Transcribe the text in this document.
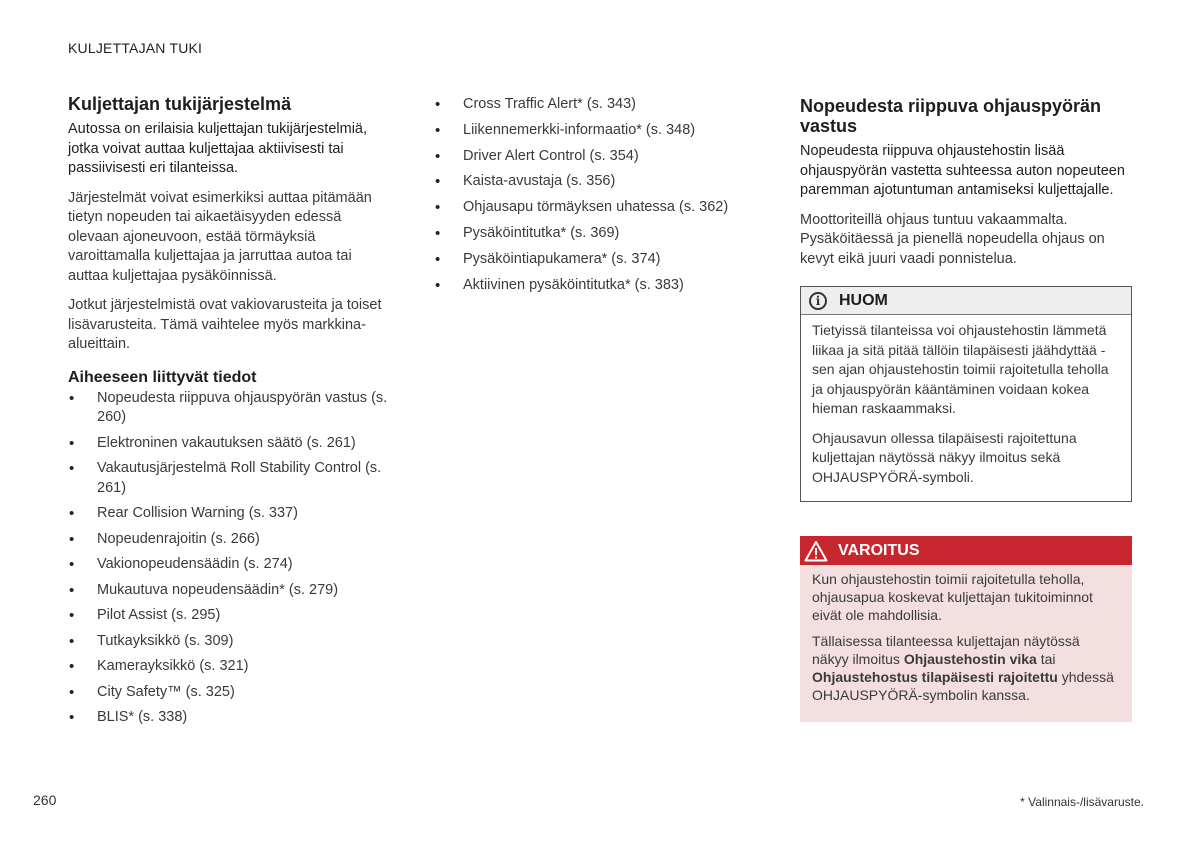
KULJETTAJAN TUKI
Kuljettajan tukijärjestelmä

Autossa on erilaisia kuljettajan tukijärjestelmiä, jotka voivat auttaa kuljettajaa aktiivisesti tai passiivisesti eri tilanteissa.

Järjestelmät voivat esimerkiksi auttaa pitämään tietyn nopeuden tai aikaetäisyyden edessä olevaan ajoneuvoon, estää törmäyksiä varoittamalla kuljettajaa ja jarruttaa autoa tai auttaa kuljettajaa pysäköinnissä.

Jotkut järjestelmistä ovat vakiovarusteita ja toiset lisävarusteita. Tämä vaihtelee myös markkina-alueittain.

Aiheeseen liittyvät tiedot
• Nopeudesta riippuva ohjauspyörän vastus (s. 260)
• Elektroninen vakautuksen säätö (s. 261)
• Vakautusjärjestelmä Roll Stability Control (s. 261)
• Rear Collision Warning (s. 337)
• Nopeudenrajoitin (s. 266)
• Vakionopeudensäädin (s. 274)
• Mukautuva nopeudensäädin* (s. 279)
• Pilot Assist (s. 295)
• Tutkayksikkö (s. 309)
• Kamerayksikkö (s. 321)
• City Safety™ (s. 325)
• BLIS* (s. 338)
• Cross Traffic Alert* (s. 343)
• Liikennemerkki-informaatio* (s. 348)
• Driver Alert Control (s. 354)
• Kaista-avustaja (s. 356)
• Ohjausapu törmäyksen uhatessa (s. 362)
• Pysäköintitutka* (s. 369)
• Pysäköintiapukamera* (s. 374)
• Aktiivinen pysäköintitutka* (s. 383)
Nopeudesta riippuva ohjauspyörän vastus

Nopeudesta riippuva ohjaustehostin lisää ohjauspyörän vastetta suhteessa auton nopeuteen paremman ajotuntuman antamiseksi kuljettajalle.

Moottoriteillä ohjaus tuntuu vakaammalta. Pysäköitäessä ja pienellä nopeudella ohjaus on kevyt eikä juuri vaadi ponnistelua.

i	HUOM

Tietyissä tilanteissa voi ohjaustehostin lämmetä liikaa ja sitä pitää tällöin tilapäisesti jäähdyttää - sen ajan ohjaustehostin toimii rajoitetulla teholla ja ohjauspyörän kääntäminen voidaan kokea hieman raskaammaksi.

Ohjausavun ollessa tilapäisesti rajoitettuna kuljettajan näytössä näkyy ilmoitus sekä OHJAUSPYÖRÄ-symboli.

VAROITUS

Kun ohjaustehostin toimii rajoitetulla teholla, ohjausapua koskevat kuljettajan tukitoiminnot eivät ole mahdollisia.

Tällaisessa tilanteessa kuljettajan näytössä näkyy ilmoitus Ohjaustehostin vika tai Ohjaustehostus tilapäisesti rajoitettu yhdessä OHJAUSPYÖRÄ-symbolin kanssa.

260	* Valinnais-/lisävaruste.
